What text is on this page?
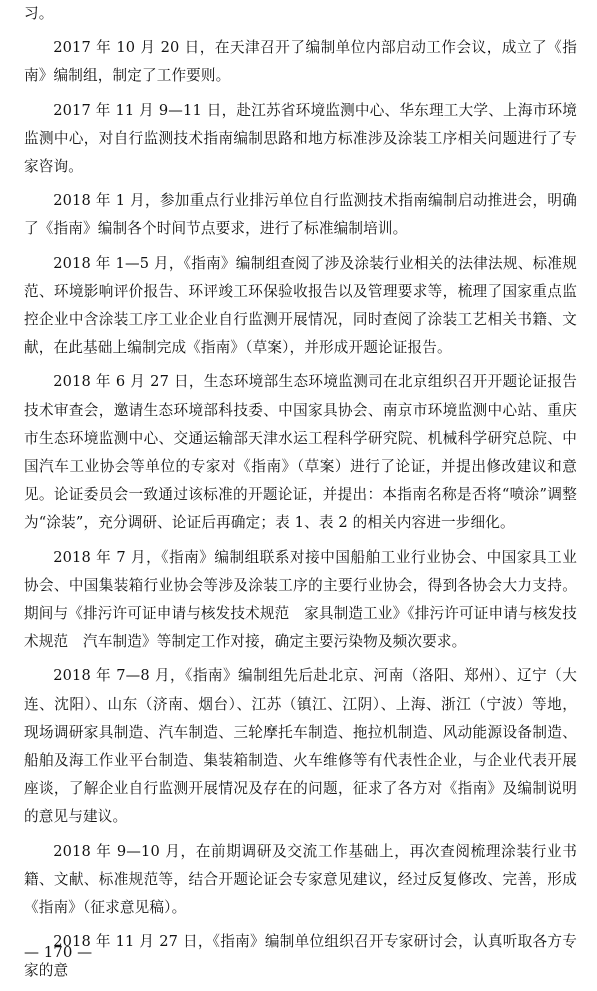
习。

2017 年 10 月 20 日，在天津召开了编制单位内部启动工作会议，成立了《指南》编制组，制定了工作要则。

2017 年 11 月 9—11 日，赴江苏省环境监测中心、华东理工大学、上海市环境监测中心，对自行监测技术指南编制思路和地方标准涉及涂装工序相关问题进行了专家咨询。

2018 年 1 月，参加重点行业排污单位自行监测技术指南编制启动推进会，明确了《指南》编制各个时间节点要求，进行了标准编制培训。

2018 年 1—5 月，《指南》编制组查阅了涉及涂装行业相关的法律法规、标准规范、环境影响评价报告、环评竣工环保验收报告以及管理要求等，梳理了国家重点监控企业中含涂装工序工业企业自行监测开展情况，同时查阅了涂装工艺相关书籍、文献，在此基础上编制完成《指南》（草案），并形成开题论证报告。

2018 年 6 月 27 日，生态环境部生态环境监测司在北京组织召开开题论证报告技术审查会，邀请生态环境部科技委、中国家具协会、南京市环境监测中心站、重庆市生态环境监测中心、交通运输部天津水运工程科学研究院、机械科学研究总院、中国汽车工业协会等单位的专家对《指南》（草案）进行了论证，并提出修改建议和意见。论证委员会一致通过该标准的开题论证，并提出：本指南名称是否将“喷涂”调整为“涂装”，充分调研、论证后再确定；表 1、表 2 的相关内容进一步细化。

2018 年 7 月，《指南》编制组联系对接中国船舶工业行业协会、中国家具工业协会、中国集装箱行业协会等涉及涂装工序的主要行业协会，得到各协会大力支持。期间与《排污许可证申请与核发技术规范　家具制造工业》《排污许可证申请与核发技术规范　汽车制造》等制定工作对接，确定主要污染物及频次要求。

2018 年 7—8 月，《指南》编制组先后赴北京、河南（洛阳、郑州）、辽宁（大连、沈阳）、山东（济南、烟台）、江苏（镇江、江阴）、上海、浙江（宁波）等地，现场调研家具制造、汽车制造、三轮摩托车制造、拖拉机制造、风动能源设备制造、船舶及海工作业平台制造、集装箱制造、火车维修等有代表性企业，与企业代表开展座谈，了解企业自行监测开展情况及存在的问题，征求了各方对《指南》及编制说明的意见与建议。

2018 年 9—10 月，在前期调研及交流工作基础上，再次查阅梳理涂装行业书籍、文献、标准规范等，结合开题论证会专家意见建议，经过反复修改、完善，形成《指南》（征求意见稿）。

2018 年 11 月 27 日，《指南》编制单位组织召开专家研讨会，认真听取各方专家的意

— 170 —
